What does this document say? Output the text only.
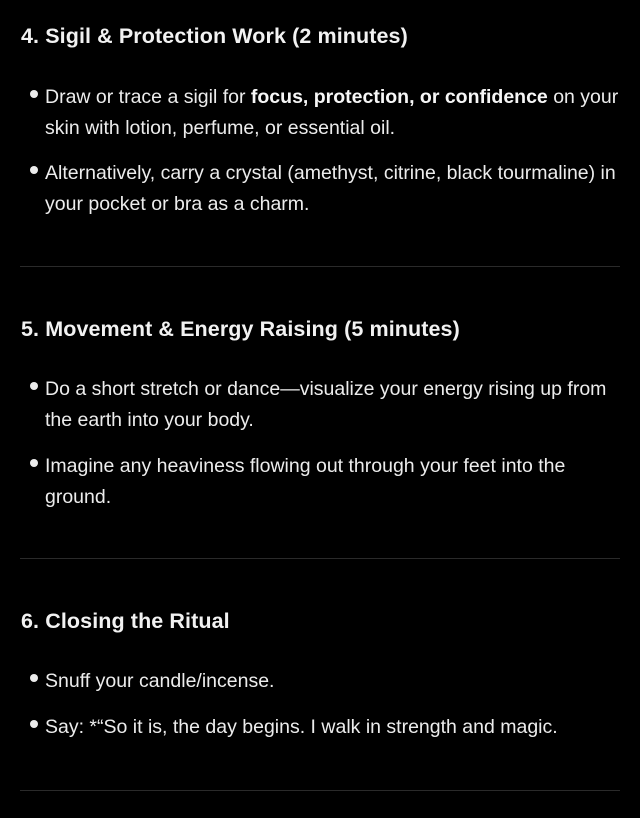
4. Sigil & Protection Work (2 minutes)

Draw or trace a sigil for focus, protection, or confidence on your skin with lotion, perfume, or essential oil.

Alternatively, carry a crystal (amethyst, citrine, black tourmaline) in your pocket or bra as a charm.

5. Movement & Energy Raising (5 minutes)

Do a short stretch or dance—visualize your energy rising up from the earth into your body.

Imagine any heaviness flowing out through your feet into the ground.

6. Closing the Ritual

Snuff your candle/incense.

Say: *“So it is, the day begins. I walk in strength and magic.
